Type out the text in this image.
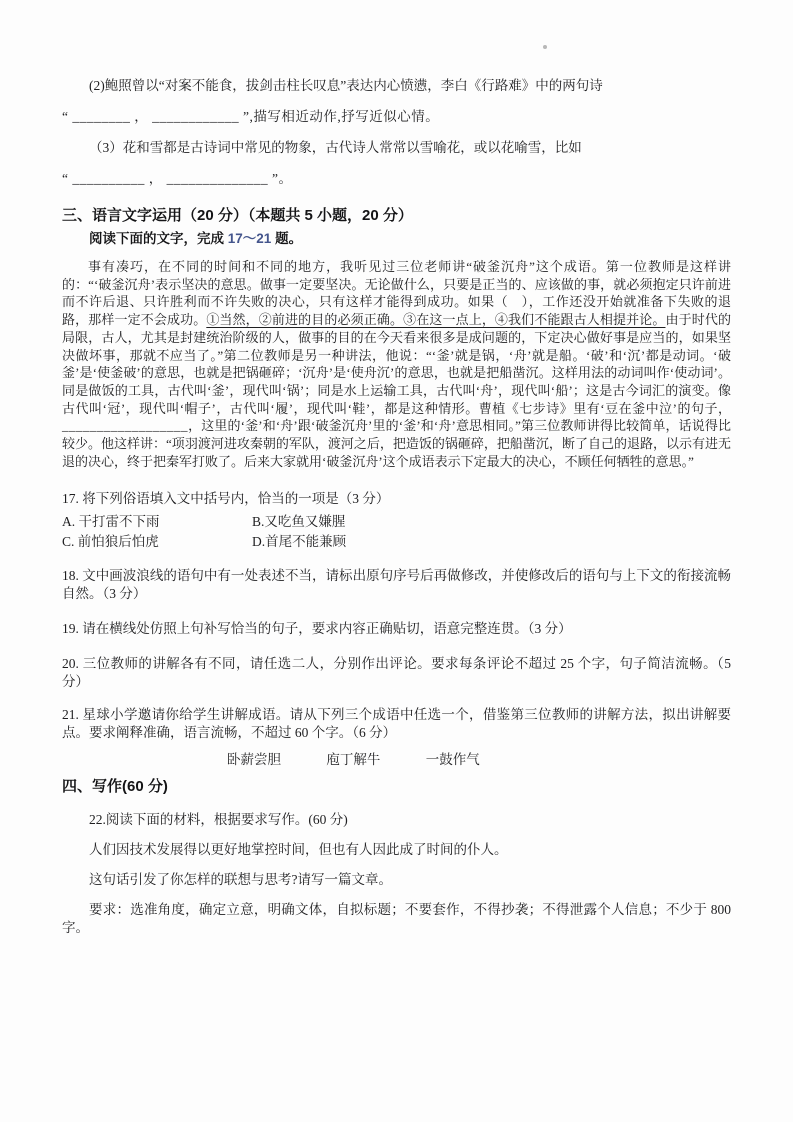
(2)鲍照曾以“对案不能食，拔剑击柱长叹息”表达内心愤懑，李白《行路难》中的两句诗

“ ________ ， ____________ ”,描写相近动作,抒写近似心情。

（3）花和雪都是古诗词中常见的物象，古代诗人常常以雪喻花，或以花喻雪，比如

“ __________ ， ______________ ”。

三、语言文字运用（20 分）（本题共 5 小题，20 分）

阅读下面的文字，完成 17～21 题。

事有凑巧，在不同的时间和不同的地方，我听见过三位老师讲“破釜沉舟”这个成语。第一位教师是这样讲的：“‘破釜沉舟’表示坚决的意思。做事一定要坚决。无论做什么，只要是正当的、应该做的事，就必须抱定只许前进而不许后退、只许胜利而不许失败的决心，只有这样才能得到成功。如果（　），工作还没开始就准备下失败的退路，那样一定不会成功。①当然，②前进的目的必须正确。③在这一点上，④我们不能跟古人相提并论。由于时代的局限，古人，尤其是封建统治阶级的人，做事的目的在今天看来很多是成问题的，下定决心做好事是应当的，如果坚决做坏事，那就不应当了。”第二位教师是另一种讲法，他说：“‘釜’就是锅，‘舟’就是船。‘破’和‘沉’都是动词。‘破釜’是‘使釜破’的意思，也就是把锅砸碎；‘沉舟’是‘使舟沉’的意思，也就是把船凿沉。这样用法的动词叫作‘使动词’。同是做饭的工具，古代叫‘釜’，现代叫‘锅’；同是水上运输工具，古代叫‘舟’，现代叫‘船’；这是古今词汇的演变。像古代叫‘冠’，现代叫‘帽子’，古代叫‘履’，现代叫‘鞋’，都是这种情形。曹植《七步诗》里有‘豆在釜中泣’的句子，__________________，这里的‘釜’和‘舟’跟‘破釜沉舟’里的‘釜’和‘舟’意思相同。”第三位教师讲得比较简单，话说得比较少。他这样讲：“项羽渡河进攻秦朝的军队，渡河之后，把造饭的锅砸碎，把船凿沉，断了自己的退路，以示有进无退的决心，终于把秦军打败了。后来大家就用‘破釜沉舟’这个成语表示下定最大的决心，不顾任何牺牲的意思。”

17. 将下列俗语填入文中括号内，恰当的一项是（3 分）

A. 干打雷不下雨	B.又吃鱼又嫌腥
C. 前怕狼后怕虎	D.首尾不能兼顾

18. 文中画波浪线的语句中有一处表述不当，请标出原句序号后再做修改，并使修改后的语句与上下文的衔接流畅自然。（3 分）

19. 请在横线处仿照上句补写恰当的句子，要求内容正确贴切，语意完整连贯。（3 分）

20. 三位教师的讲解各有不同，请任选二人，分别作出评论。要求每条评论不超过 25 个字，句子简洁流畅。（5 分）

21. 星球小学邀请你给学生讲解成语。请从下列三个成语中任选一个，借鉴第三位教师的讲解方法，拟出讲解要点。要求阐释准确，语言流畅，不超过 60 个字。（6 分）

卧薪尝胆	庖丁解牛	一鼓作气

四、写作(60 分)

22.阅读下面的材料，根据要求写作。(60 分)

人们因技术发展得以更好地掌控时间，但也有人因此成了时间的仆人。

这句话引发了你怎样的联想与思考?请写一篇文章。

要求：选准角度，确定立意，明确文体，自拟标题；不要套作，不得抄袭；不得泄露个人信息；不少于 800 字。
